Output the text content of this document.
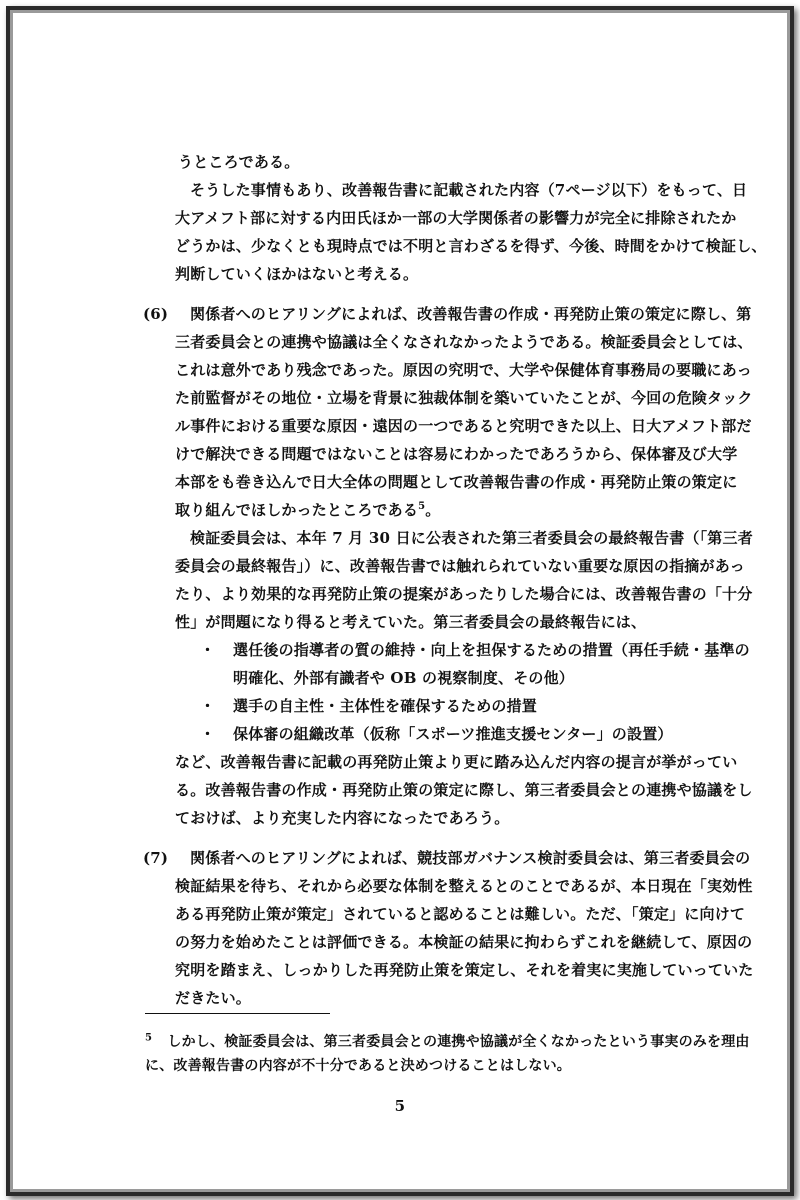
うところである。
そうした事情もあり、改善報告書に記載された内容（7ページ以下）をもって、日
大アメフト部に対する内田氏ほか一部の大学関係者の影響力が完全に排除されたか
どうかは、少なくとも現時点では不明と言わざるを得ず、今後、時間をかけて検証し、
判断していくほかはないと考える。
(6) 関係者へのヒアリングによれば、改善報告書の作成・再発防止策の策定に際し、第
三者委員会との連携や協議は全くなされなかったようである。検証委員会としては、
これは意外であり残念であった。原因の究明で、大学や保健体育事務局の要職にあっ
た前監督がその地位・立場を背景に独裁体制を築いていたことが、今回の危険タック
ル事件における重要な原因・遠因の一つであると究明できた以上、日大アメフト部だ
けで解決できる問題ではないことは容易にわかったであろうから、保体審及び大学
本部をも巻き込んで日大全体の問題として改善報告書の作成・再発防止策の策定に
取り組んでほしかったところである$^5$。
検証委員会は、本年 7 月 30 日に公表された第三者委員会の最終報告書（「第三者
委員会の最終報告」）に、改善報告書では触れられていない重要な原因の指摘があっ
たり、より効果的な再発防止策の提案があったりした場合には、改善報告書の「十分
性」が問題になり得ると考えていた。第三者委員会の最終報告には、
・ 選任後の指導者の質の維持・向上を担保するための措置（再任手続・基準の
明確化、外部有識者や OB の視察制度、その他）
・ 選手の自主性・主体性を確保するための措置
・ 保体審の組織改革（仮称「スポーツ推進支援センター」の設置）
など、改善報告書に記載の再発防止策より更に踏み込んだ内容の提言が挙がってい
る。改善報告書の作成・再発防止策の策定に際し、第三者委員会との連携や協議をし
ておけば、より充実した内容になったであろう。
(7) 関係者へのヒアリングによれば、競技部ガバナンス検討委員会は、第三者委員会の
検証結果を待ち、それから必要な体制を整えるとのことであるが、本日現在「実効性
ある再発防止策が策定」されていると認めることは難しい。ただ、「策定」に向けて
の努力を始めたことは評価できる。本検証の結果に拘わらずこれを継続して、原因の
究明を踏まえ、しっかりした再発防止策を策定し、それを着実に実施していっていた
だきたい。
$^5$ しかし、検証委員会は、第三者委員会との連携や協議が全くなかったという事実のみを理由
に、改善報告書の内容が不十分であると決めつけることはしない。
5
